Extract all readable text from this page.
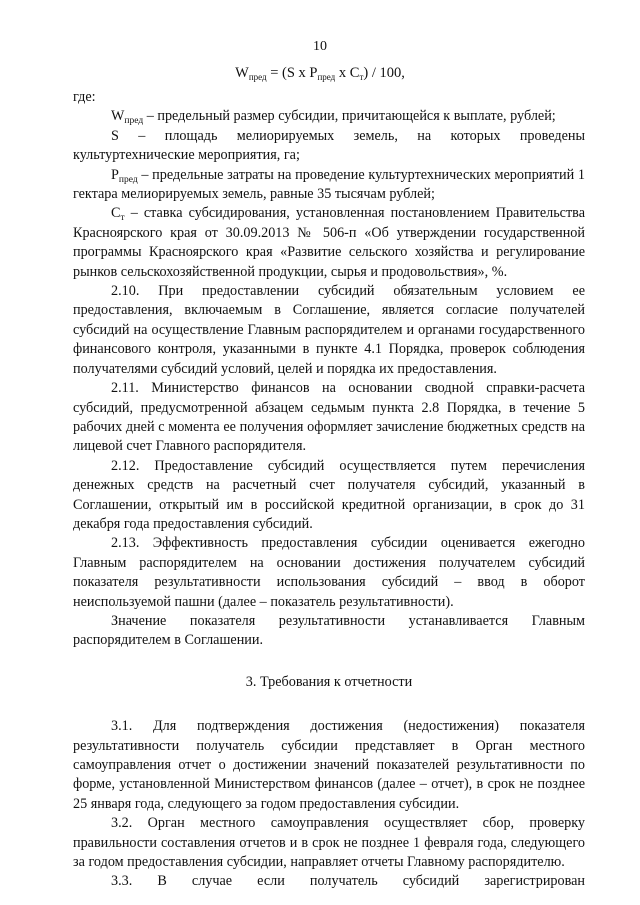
10
$W_{пред} = (S$ x $P_{пред}$ x $C_т) / 100$,

где:

$W_{пред}$ – предельный размер субсидии, причитающейся к выплате, рублей;

S – площадь мелиорируемых земель, на которых проведены культуртехнические мероприятия, га;

$P_{пред}$ – предельные затраты на проведение культуртехнических мероприятий 1 гектара мелиорируемых земель, равные 35 тысячам рублей;

$C_т$ – ставка субсидирования, установленная постановлением Правительства Красноярского края от 30.09.2013 № 506-п «Об утверждении государственной программы Красноярского края «Развитие сельского хозяйства и регулирование рынков сельскохозяйственной продукции, сырья и продовольствия», %.

2.10. При предоставлении субсидий обязательным условием ее предоставления, включаемым в Соглашение, является согласие получателей субсидий на осуществление Главным распорядителем и органами государственного финансового контроля, указанными в пункте 4.1 Порядка, проверок соблюдения получателями субсидий условий, целей и порядка их предоставления.

2.11. Министерство финансов на основании сводной справки-расчета субсидий, предусмотренной абзацем седьмым пункта 2.8 Порядка, в течение 5 рабочих дней с момента ее получения оформляет зачисление бюджетных средств на лицевой счет Главного распорядителя.

2.12. Предоставление субсидий осуществляется путем перечисления денежных средств на расчетный счет получателя субсидий, указанный в Соглашении, открытый им в российской кредитной организации, в срок до 31 декабря года предоставления субсидий.

2.13. Эффективность предоставления субсидии оценивается ежегодно Главным распорядителем на основании достижения получателем субсидий показателя результативности использования субсидий – ввод в оборот неиспользуемой пашни (далее – показатель результативности).

Значение показателя результативности устанавливается Главным распорядителем в Соглашении.

3. Требования к отчетности

3.1. Для подтверждения достижения (недостижения) показателя результативности получатель субсидии представляет в Орган местного самоуправления отчет о достижении значений показателей результативности по форме, установленной Министерством финансов (далее – отчет), в срок не позднее 25 января года, следующего за годом предоставления субсидии.

3.2. Орган местного самоуправления осуществляет сбор, проверку правильности составления отчетов и в срок не позднее 1 февраля года, следующего за годом предоставления субсидии, направляет отчеты Главному распорядителю.

3.3. В случае если получатель субсидий зарегистрирован
